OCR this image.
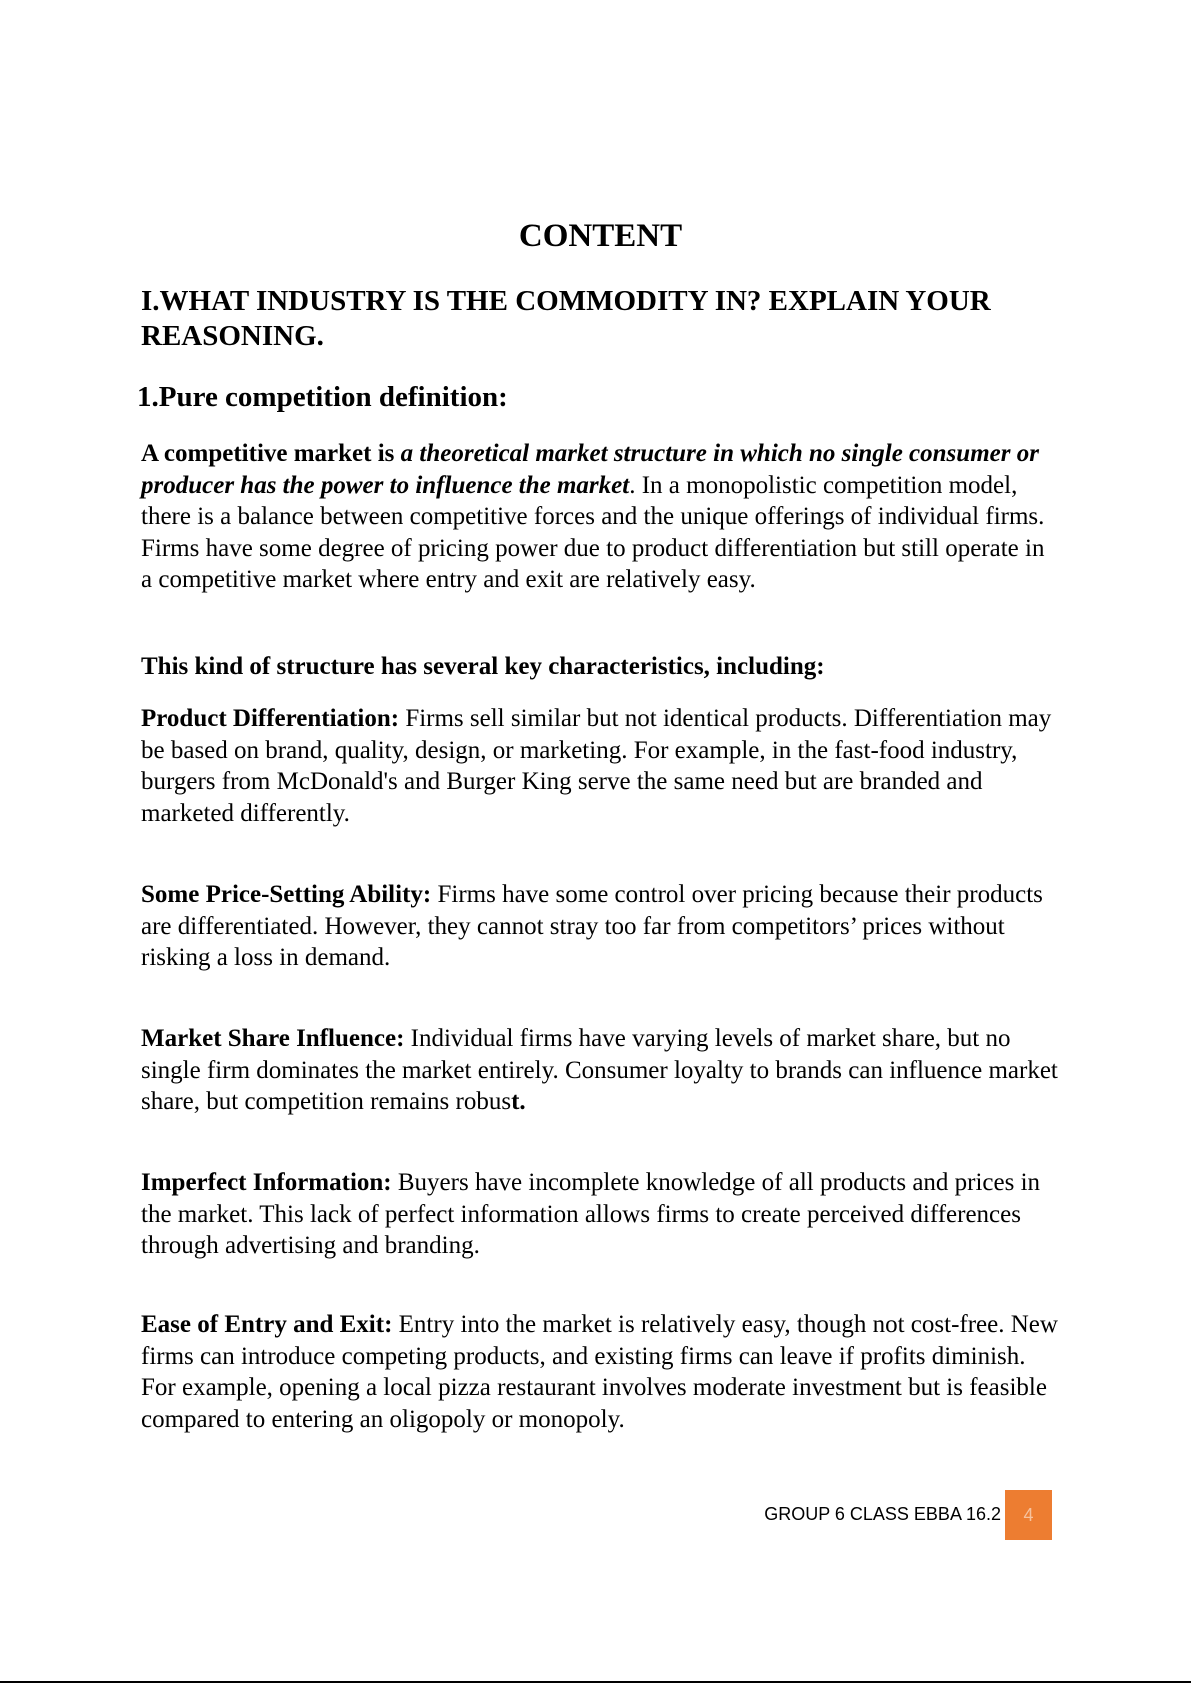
CONTENT
I.WHAT INDUSTRY IS THE COMMODITY IN? EXPLAIN YOUR REASONING.
1.Pure competition definition:
A competitive market is a theoretical market structure in which no single consumer or producer has the power to influence the market. In a monopolistic competition model, there is a balance between competitive forces and the unique offerings of individual firms. Firms have some degree of pricing power due to product differentiation but still operate in a competitive market where entry and exit are relatively easy.
This kind of structure has several key characteristics, including:
Product Differentiation: Firms sell similar but not identical products. Differentiation may be based on brand, quality, design, or marketing. For example, in the fast-food industry, burgers from McDonald's and Burger King serve the same need but are branded and marketed differently.
Some Price-Setting Ability: Firms have some control over pricing because their products are differentiated. However, they cannot stray too far from competitors’ prices without risking a loss in demand.
Market Share Influence: Individual firms have varying levels of market share, but no single firm dominates the market entirely. Consumer loyalty to brands can influence market share, but competition remains robust.
Imperfect Information: Buyers have incomplete knowledge of all products and prices in the market. This lack of perfect information allows firms to create perceived differences through advertising and branding.
Ease of Entry and Exit: Entry into the market is relatively easy, though not cost-free. New firms can introduce competing products, and existing firms can leave if profits diminish. For example, opening a local pizza restaurant involves moderate investment but is feasible compared to entering an oligopoly or monopoly.
GROUP 6 CLASS EBBA 16.2	4
